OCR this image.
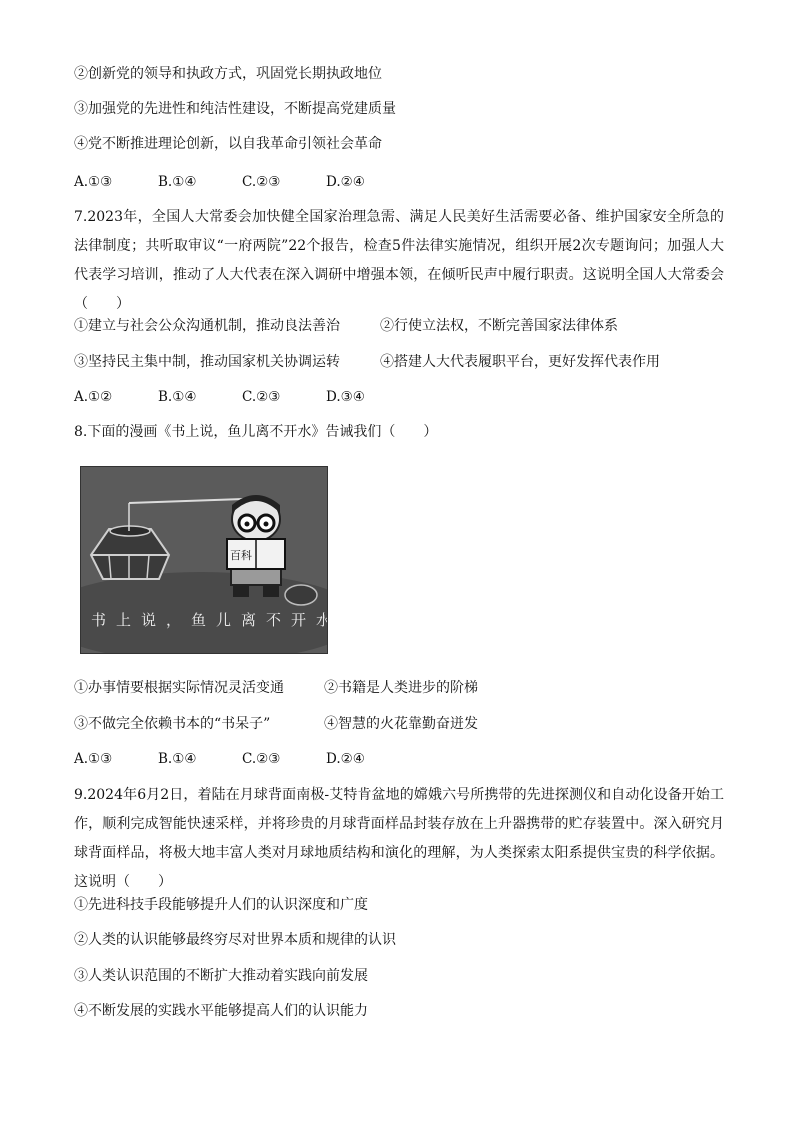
②创新党的领导和执政方式，巩固党长期执政地位
③加强党的先进性和纯洁性建设，不断提高党建质量
④党不断推进理论创新，以自我革命引领社会革命
A.①③	B.①④	C.②③	D.②④
7.2023年，全国人大常委会加快健全国家治理急需、满足人民美好生活需要必备、维护国家安全所急的法律制度；共听取审议“一府两院”22个报告，检查5件法律实施情况，组织开展2次专题询问；加强人大代表学习培训，推动了人大代表在深入调研中增强本领，在倾听民声中履行职责。这说明全国人大常委会（　　）
①建立与社会公众沟通机制，推动良法善治	②行使立法权，不断完善国家法律体系
③坚持民主集中制，推动国家机关协调运转	④搭建人大代表履职平台，更好发挥代表作用
A.①②	B.①④	C.②③	D.③④
8.下面的漫画《书上说，鱼儿离不开水》告诫我们（　　）
百科
书上说，鱼儿离不开水
①办事情要根据实际情况灵活变通	②书籍是人类进步的阶梯
③不做完全依赖书本的“书呆子”	④智慧的火花靠勤奋迸发
A.①③	B.①④	C.②③	D.②④
9.2024年6月2日，着陆在月球背面南极-艾特肯盆地的嫦娥六号所携带的先进探测仪和自动化设备开始工作，顺利完成智能快速采样，并将珍贵的月球背面样品封装存放在上升器携带的贮存装置中。深入研究月球背面样品，将极大地丰富人类对月球地质结构和演化的理解，为人类探索太阳系提供宝贵的科学依据。这说明（　　）
①先进科技手段能够提升人们的认识深度和广度
②人类的认识能够最终穷尽对世界本质和规律的认识
③人类认识范围的不断扩大推动着实践向前发展
④不断发展的实践水平能够提高人们的认识能力
